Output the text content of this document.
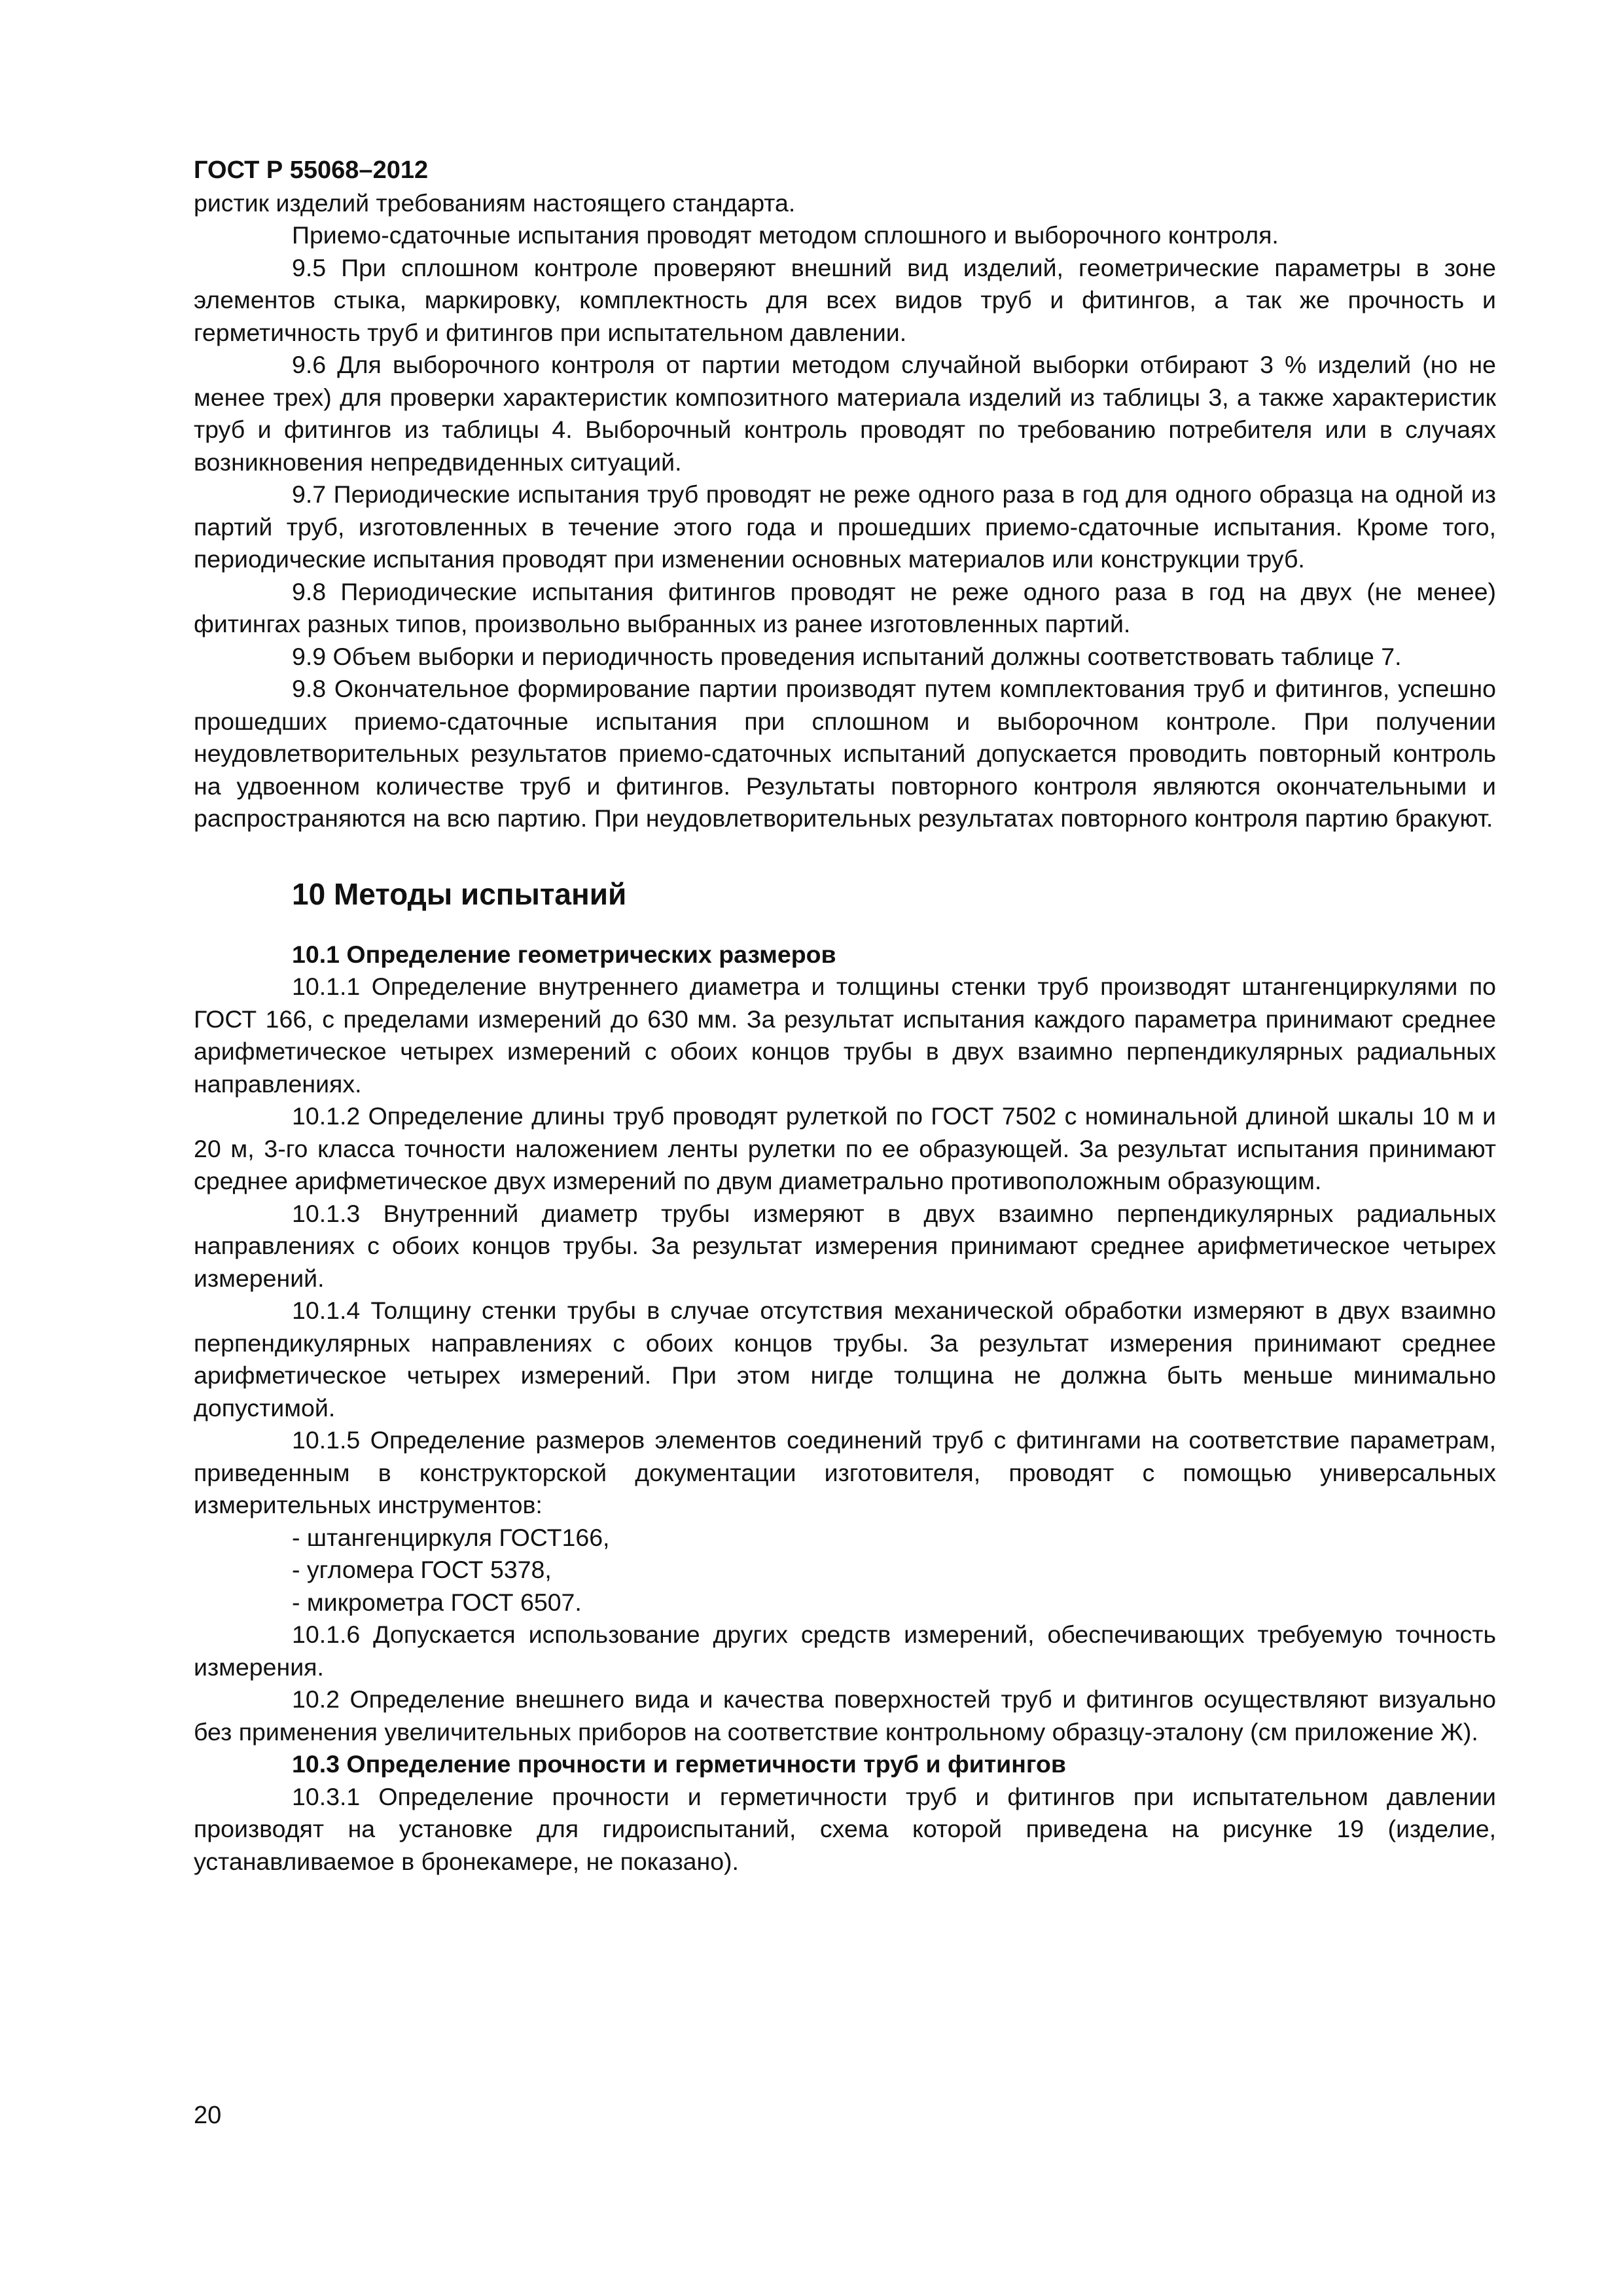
ГОСТ Р 55068–2012

ристик изделий требованиям настоящего стандарта.

Приемо-сдаточные испытания проводят методом сплошного и выборочного контроля.

9.5 При сплошном контроле проверяют внешний вид изделий, геометрические параметры в зоне элементов стыка, маркировку, комплектность для всех видов труб и фитингов, а так же прочность и герметичность труб и фитингов при испытательном давлении.

9.6 Для выборочного контроля от партии методом случайной выборки отбирают 3 % изделий (но не менее трех) для проверки характеристик композитного материала изделий из таблицы 3, а также характеристик труб и фитингов из таблицы 4. Выборочный контроль проводят по требованию потребителя или в случаях возникновения непредвиденных ситуаций.

9.7 Периодические испытания труб проводят не реже одного раза в год для одного образца на одной из партий труб, изготовленных в течение этого года и прошедших приемо-сдаточные испытания. Кроме того, периодические испытания проводят при изменении основных материалов или конструкции труб.

9.8 Периодические испытания фитингов проводят не реже одного раза в год на двух (не менее) фитингах разных типов, произвольно выбранных из ранее изготовленных партий.

9.9 Объем выборки и периодичность проведения испытаний должны соответствовать таблице 7.

9.8 Окончательное формирование партии производят путем комплектования труб и фитингов, успешно прошедших приемо-сдаточные испытания при сплошном и выборочном контроле. При получении неудовлетворительных результатов приемо-сдаточных испытаний допускается проводить повторный контроль на удвоенном количестве труб и фитингов. Результаты повторного контроля являются окончательными и распространяются на всю партию. При неудовлетворительных результатах повторного контроля партию бракуют.

10 Методы испытаний

10.1 Определение геометрических размеров

10.1.1 Определение внутреннего диаметра и толщины стенки труб производят штангенциркулями по ГОСТ 166, с пределами измерений до 630 мм. За результат испытания каждого параметра принимают среднее арифметическое четырех измерений с обоих концов трубы в двух взаимно перпендикулярных радиальных направлениях.

10.1.2 Определение длины труб проводят рулеткой по ГОСТ 7502 с номинальной длиной шкалы 10 м и 20 м, 3-го класса точности наложением ленты рулетки по ее образующей. За результат испытания принимают среднее арифметическое двух измерений по двум диаметрально противоположным образующим.

10.1.3 Внутренний диаметр трубы измеряют в двух взаимно перпендикулярных радиальных направлениях с обоих концов трубы. За результат измерения принимают среднее арифметическое четырех измерений.

10.1.4 Толщину стенки трубы в случае отсутствия механической обработки измеряют в двух взаимно перпендикулярных направлениях с обоих концов трубы. За результат измерения принимают среднее арифметическое четырех измерений. При этом нигде толщина не должна быть меньше минимально допустимой.

10.1.5 Определение размеров элементов соединений труб с фитингами на соответствие параметрам, приведенным в конструкторской документации изготовителя, проводят с помощью универсальных измерительных инструментов:

- штангенциркуля ГОСТ166,

- угломера ГОСТ 5378,

- микрометра ГОСТ 6507.

10.1.6 Допускается использование других средств измерений, обеспечивающих требуемую точность измерения.

10.2 Определение внешнего вида и качества поверхностей труб и фитингов осуществляют визуально без применения увеличительных приборов на соответствие контрольному образцу-эталону (см приложение Ж).

10.3 Определение прочности и герметичности труб и фитингов

10.3.1 Определение прочности и герметичности труб и фитингов при испытательном давлении производят на установке для гидроиспытаний, схема которой приведена на рисунке 19 (изделие, устанавливаемое в бронекамере, не показано).

20
